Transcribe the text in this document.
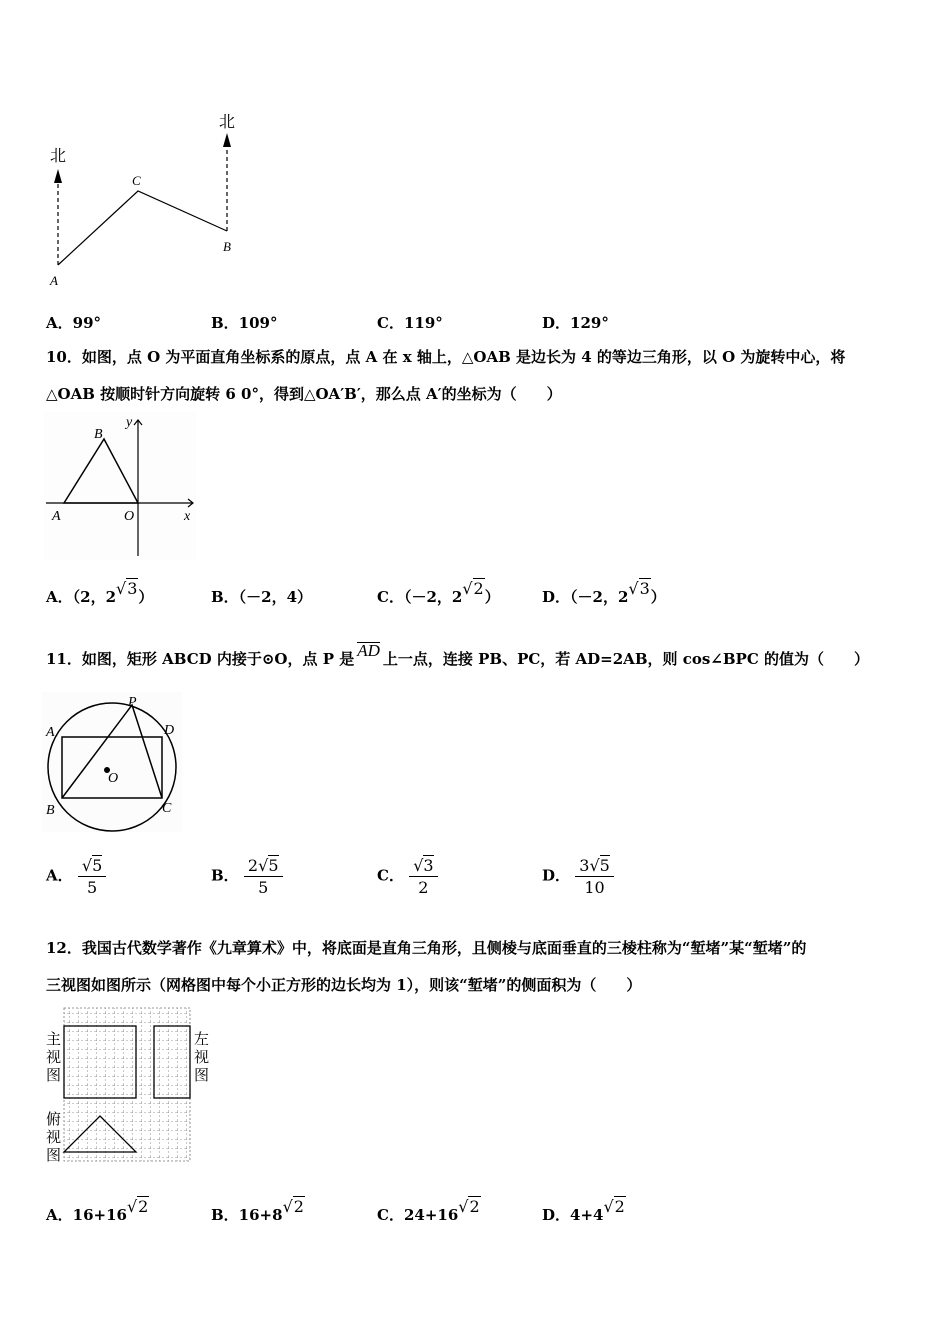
北
北
A
C
B
A．99°	B．109°	C．119°	D．129°
10．如图，点 O 为平面直角坐标系的原点，点 A 在 x 轴上，△OAB 是边长为 4 的等边三角形，以 O 为旋转中心，将
△OAB 按顺时针方向旋转 6 0°，得到△OA′B′，那么点 A′的坐标为（　　）
y
x
B
A	O
A．（2，2√3）	B．（－2，4）	C．（－2，2√2）	D．（－2，2√3）
11．如图，矩形 ABCD 内接于⊙O，点 P 是 AD 上一点，连接 PB、PC，若 AD=2AB，则 cos∠BPC 的值为（　　）
A	D
B	C
P
O
A． $\frac{√5}{5}$	B． $\frac{2√5}{5}$	C． $\frac{√3}{2}$	D． $\frac{3√5}{10}$
12．我国古代数学著作《九章算术》中，将底面是直角三角形，且侧棱与底面垂直的三棱柱称为“堑堵”某“堑堵”的
三视图如图所示（网格图中每个小正方形的边长均为 1），则该“堑堵”的侧面积为（　　）
主
视
图
左
视
图
俯
视
图
A．16+16√2	B．16+8√2	C．24+16√2	D．4+4√2
